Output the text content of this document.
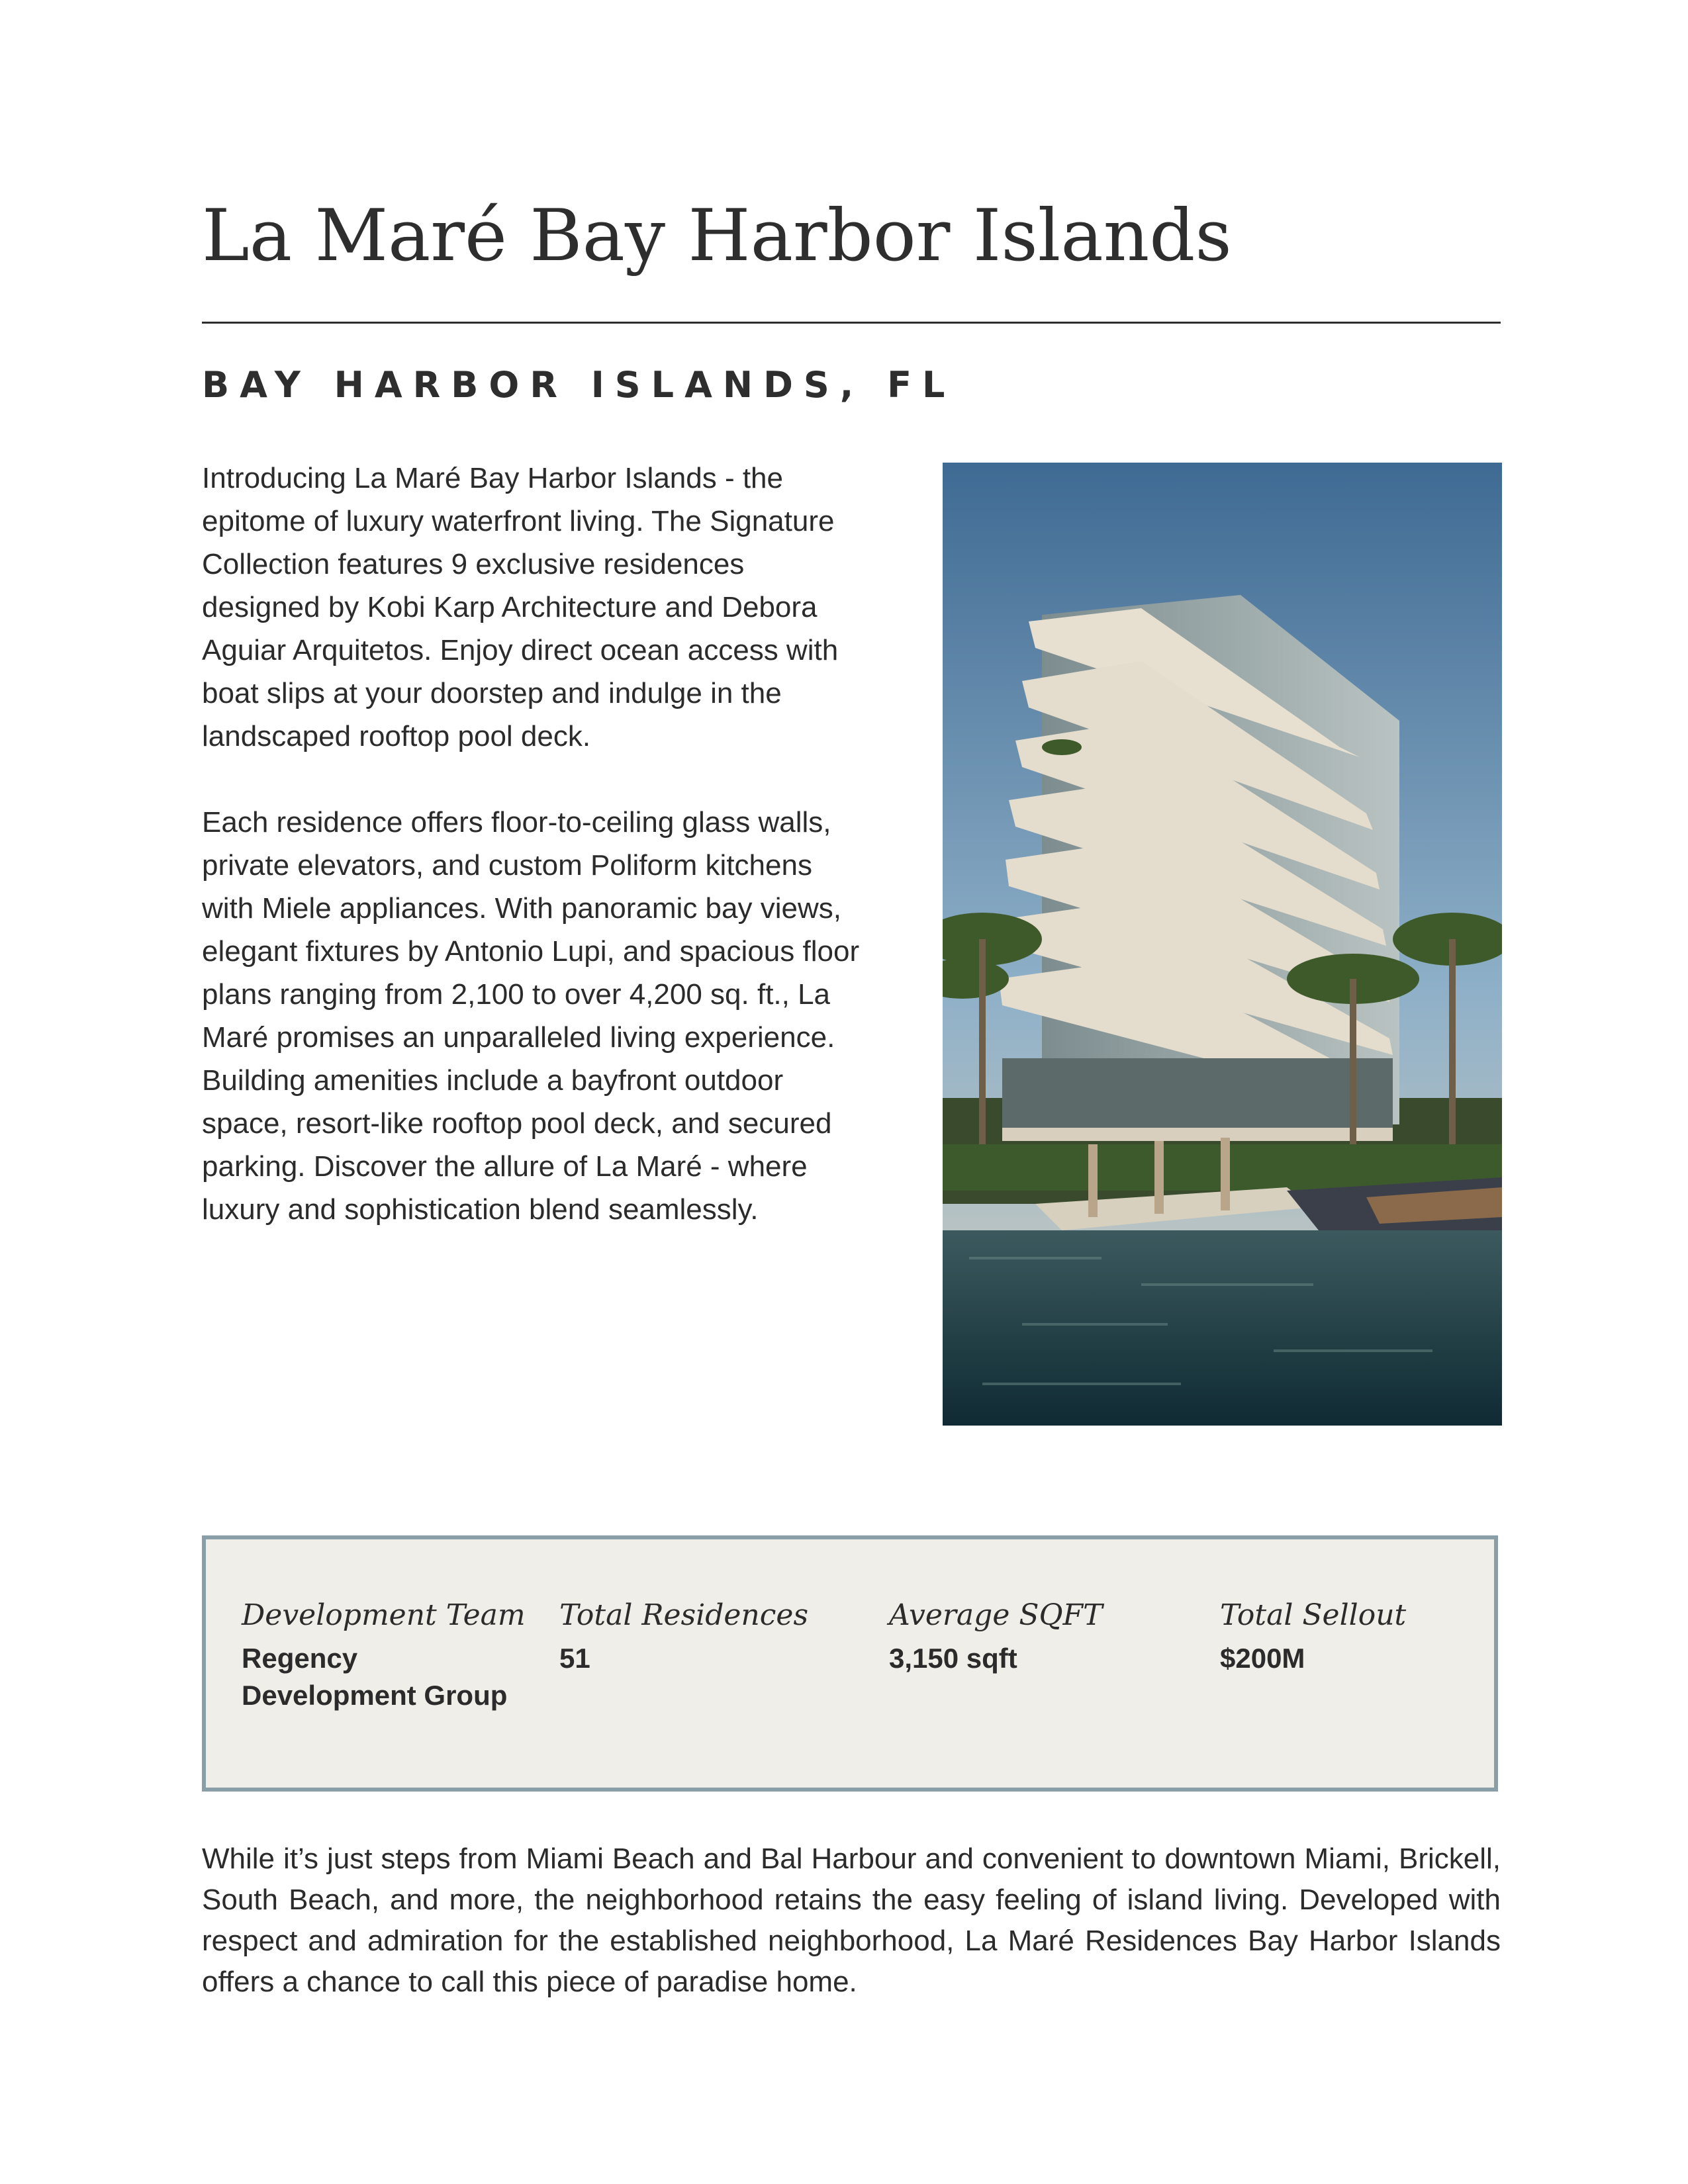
La Maré Bay Harbor Islands
BAY HARBOR ISLANDS, FL

Introducing La Maré Bay Harbor Islands - the epitome of luxury waterfront living. The Signature Collection features 9 exclusive residences designed by Kobi Karp Architecture and Debora Aguiar Arquitetos. Enjoy direct ocean access with boat slips at your doorstep and indulge in the landscaped rooftop pool deck.

Each residence offers floor-to-ceiling glass walls, private elevators, and custom Poliform kitchens with Miele appliances. With panoramic bay views, elegant fixtures by Antonio Lupi, and spacious floor plans ranging from 2,100 to over 4,200 sq. ft., La Maré promises an unparalleled living experience. Building amenities include a bayfront outdoor space, resort-like rooftop pool deck, and secured parking. Discover the allure of La Maré - where luxury and sophistication blend seamlessly.

Development Team
Regency Development Group
Total Residences
51
Average SQFT
3,150 sqft
Total Sellout
$200M

While it’s just steps from Miami Beach and Bal Harbour and convenient to downtown Miami, Brickell, South Beach, and more, the neighborhood retains the easy feeling of island living. Developed with respect and admiration for the established neighborhood, La Maré Residences Bay Harbor Islands offers a chance to call this piece of paradise home.
